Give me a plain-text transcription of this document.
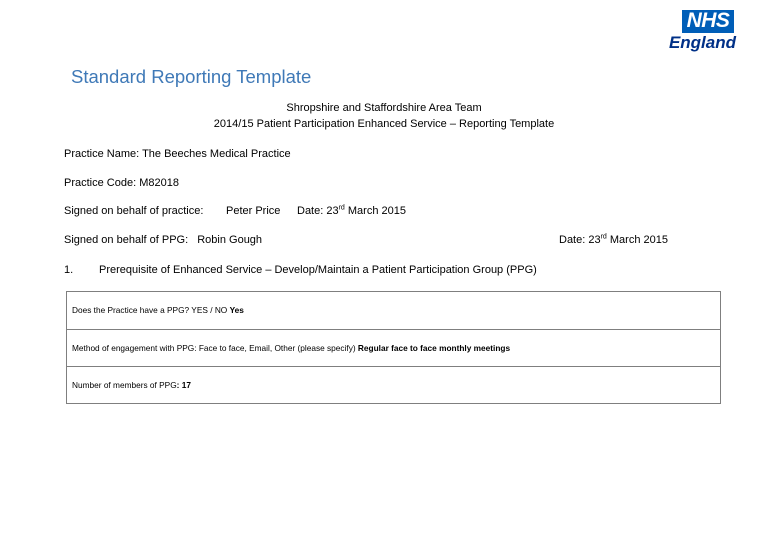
NHS
England
Standard Reporting Template
Shropshire and Staffordshire Area Team
2014/15 Patient Participation Enhanced Service – Reporting Template
Practice Name: The Beeches Medical Practice
Practice Code: M82018
Signed on behalf of practice: Peter Price Date: 23rd March 2015
Signed on behalf of PPG: Robin Gough	Date: 23rd March 2015
1. Prerequisite of Enhanced Service – Develop/Maintain a Patient Participation Group (PPG)
Does the Practice have a PPG? YES / NO Yes
Method of engagement with PPG: Face to face, Email, Other (please specify) Regular face to face monthly meetings
Number of members of PPG: 17
